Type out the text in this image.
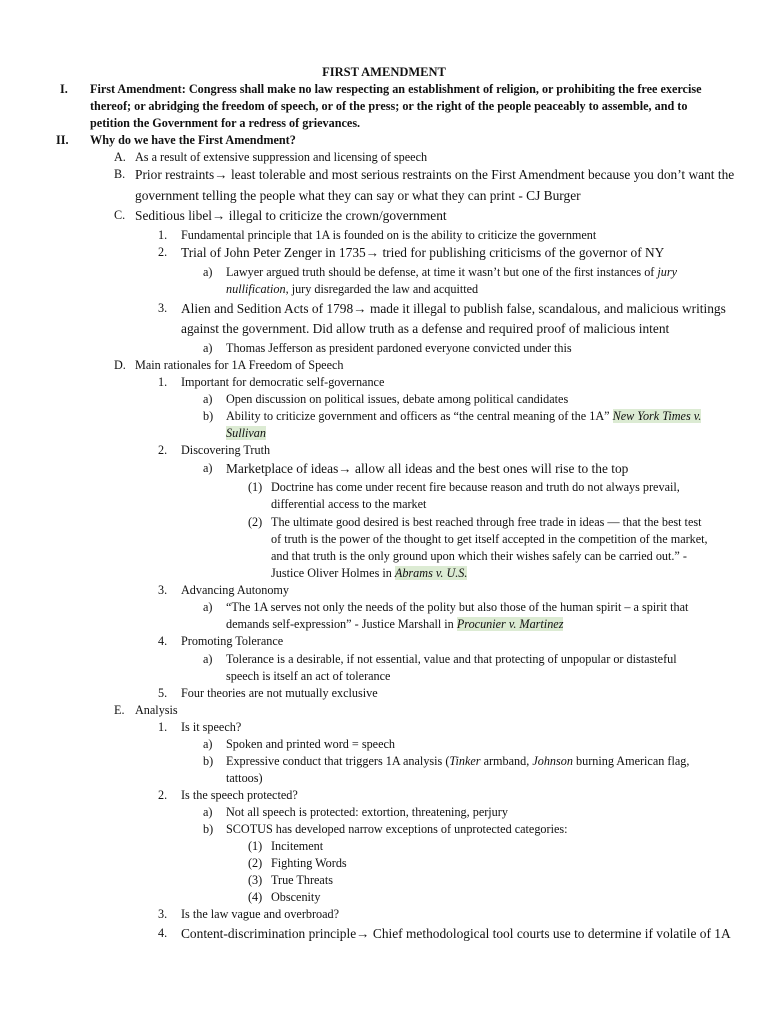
FIRST AMENDMENT
I. First Amendment: Congress shall make no law respecting an establishment of religion, or prohibiting the free exercise
thereof; or abridging the freedom of speech, or of the press; or the right of the people peaceably to assemble, and to
petition the Government for a redress of grievances.
II. Why do we have the First Amendment?
A. As a result of extensive suppression and licensing of speech
B. Prior restraints→ least tolerable and most serious restraints on the First Amendment because you don’t want the
government telling the people what they can say or what they can print - CJ Burger
C. Seditious libel→ illegal to criticize the crown/government
1. Fundamental principle that 1A is founded on is the ability to criticize the government
2. Trial of John Peter Zenger in 1735→ tried for publishing criticisms of the governor of NY
a) Lawyer argued truth should be defense, at time it wasn’t but one of the first instances of jury
nullification, jury disregarded the law and acquitted
3. Alien and Sedition Acts of 1798→ made it illegal to publish false, scandalous, and malicious writings
against the government. Did allow truth as a defense and required proof of malicious intent
a) Thomas Jefferson as president pardoned everyone convicted under this
D. Main rationales for 1A Freedom of Speech
1. Important for democratic self-governance
a) Open discussion on political issues, debate among political candidates
b) Ability to criticize government and officers as “the central meaning of the 1A” New York Times v.
Sullivan
2. Discovering Truth
a) Marketplace of ideas→ allow all ideas and the best ones will rise to the top
(1) Doctrine has come under recent fire because reason and truth do not always prevail,
differential access to the market
(2) The ultimate good desired is best reached through free trade in ideas — that the best test
of truth is the power of the thought to get itself accepted in the competition of the market,
and that truth is the only ground upon which their wishes safely can be carried out.” -
Justice Oliver Holmes in Abrams v. U.S.
3. Advancing Autonomy
a) “The 1A serves not only the needs of the polity but also those of the human spirit – a spirit that
demands self-expression” - Justice Marshall in Procunier v. Martinez
4. Promoting Tolerance
a) Tolerance is a desirable, if not essential, value and that protecting of unpopular or distasteful
speech is itself an act of tolerance
5. Four theories are not mutually exclusive
E. Analysis
1. Is it speech?
a) Spoken and printed word = speech
b) Expressive conduct that triggers 1A analysis (Tinker armband, Johnson burning American flag,
tattoos)
2. Is the speech protected?
a) Not all speech is protected: extortion, threatening, perjury
b) SCOTUS has developed narrow exceptions of unprotected categories:
(1) Incitement
(2) Fighting Words
(3) True Threats
(4) Obscenity
3. Is the law vague and overbroad?
4. Content-discrimination principle→ Chief methodological tool courts use to determine if volatile of 1A
